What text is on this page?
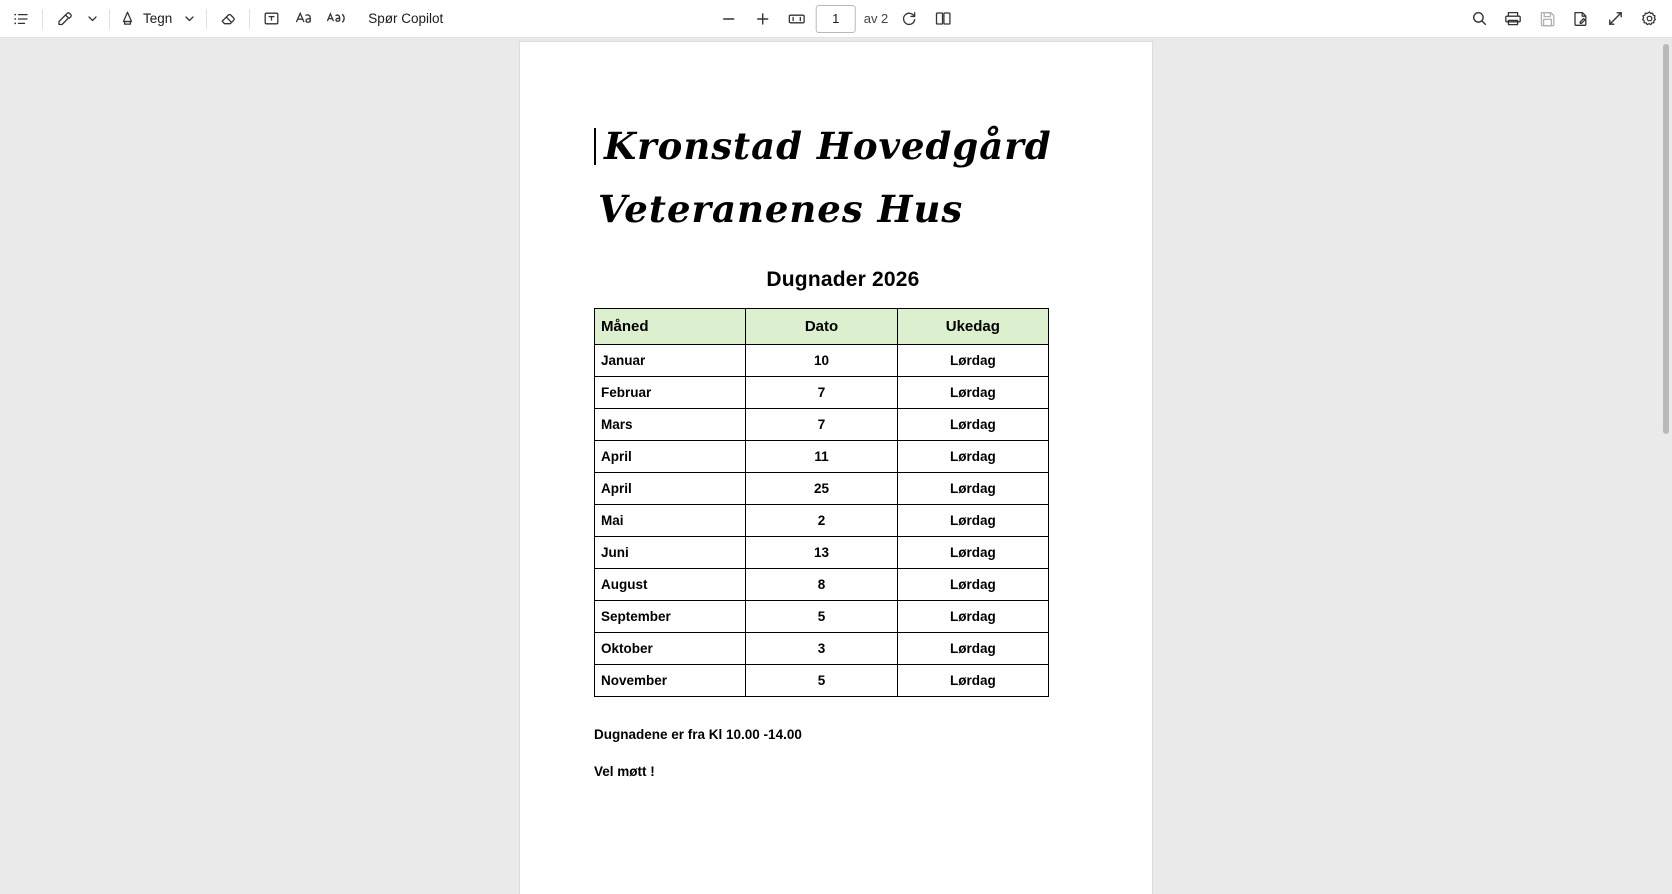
Tegn	Spør Copilot
1	av 2
Kronstad Hovedgård
Veteranenes Hus
Dugnader 2026
Måned	Dato	Ukedag
Januar	10	Lørdag
Februar	7	Lørdag
Mars	7	Lørdag
April	11	Lørdag
April	25	Lørdag
Mai	2	Lørdag
Juni	13	Lørdag
August	8	Lørdag
September	5	Lørdag
Oktober	3	Lørdag
November	5	Lørdag
Dugnadene er fra Kl 10.00 -14.00
Vel møtt !
